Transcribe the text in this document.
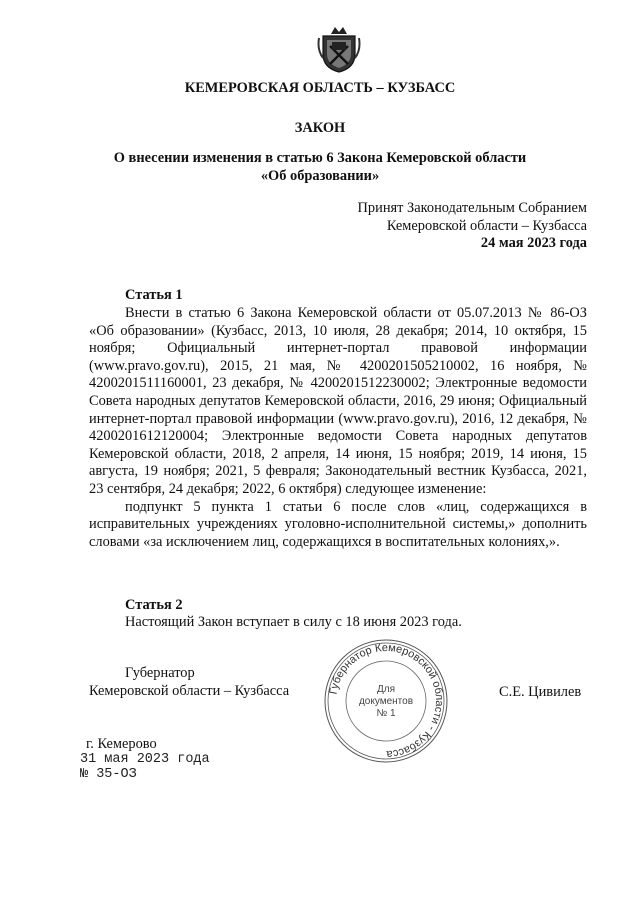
КЕМЕРОВСКАЯ ОБЛАСТЬ – КУЗБАСС
ЗАКОН
О внесении изменения в статью 6 Закона Кемеровской области
«Об образовании»
Принят Законодательным Собранием
Кемеровской области – Кузбасса
24 мая 2023 года
Статья 1

Внести в статью 6 Закона Кемеровской области от 05.07.2013 № 86-ОЗ «Об образовании» (Кузбасс, 2013, 10 июля, 28 декабря; 2014, 10 октября, 15 ноября; Официальный интернет-портал правовой информации (www.pravo.gov.ru), 2015, 21 мая, № 4200201505210002, 16 ноября, № 4200201511160001, 23 декабря, № 4200201512230002; Электронные ведомости Совета народных депутатов Кемеровской области, 2016, 29 июня; Официальный интернет-портал правовой информации (www.pravo.gov.ru), 2016, 12 декабря, № 4200201612120004; Электронные ведомости Совета народных депутатов Кемеровской области, 2018, 2 апреля, 14 июня, 15 ноября; 2019, 14 июня, 15 августа, 19 ноября; 2021, 5 февраля; Законодательный вестник Кузбасса, 2021, 23 сентября, 24 декабря; 2022, 6 октября) следующее изменение:

подпункт 5 пункта 1 статьи 6 после слов «лиц, содержащихся в исправительных учреждениях уголовно-исполнительной системы,» дополнить словами «за исключением лиц, содержащихся в воспитательных колониях,».

Статья 2

Настоящий Закон вступает в силу с 18 июня 2023 года.

Губернатор
Кемеровской области – Кузбасса	С.Е. Цивилев
Губернатор Кемеровской области - Кузбасса
Для
документов
№ 1
г. Кемерово
31 мая 2023 года
№ 35-ОЗ
